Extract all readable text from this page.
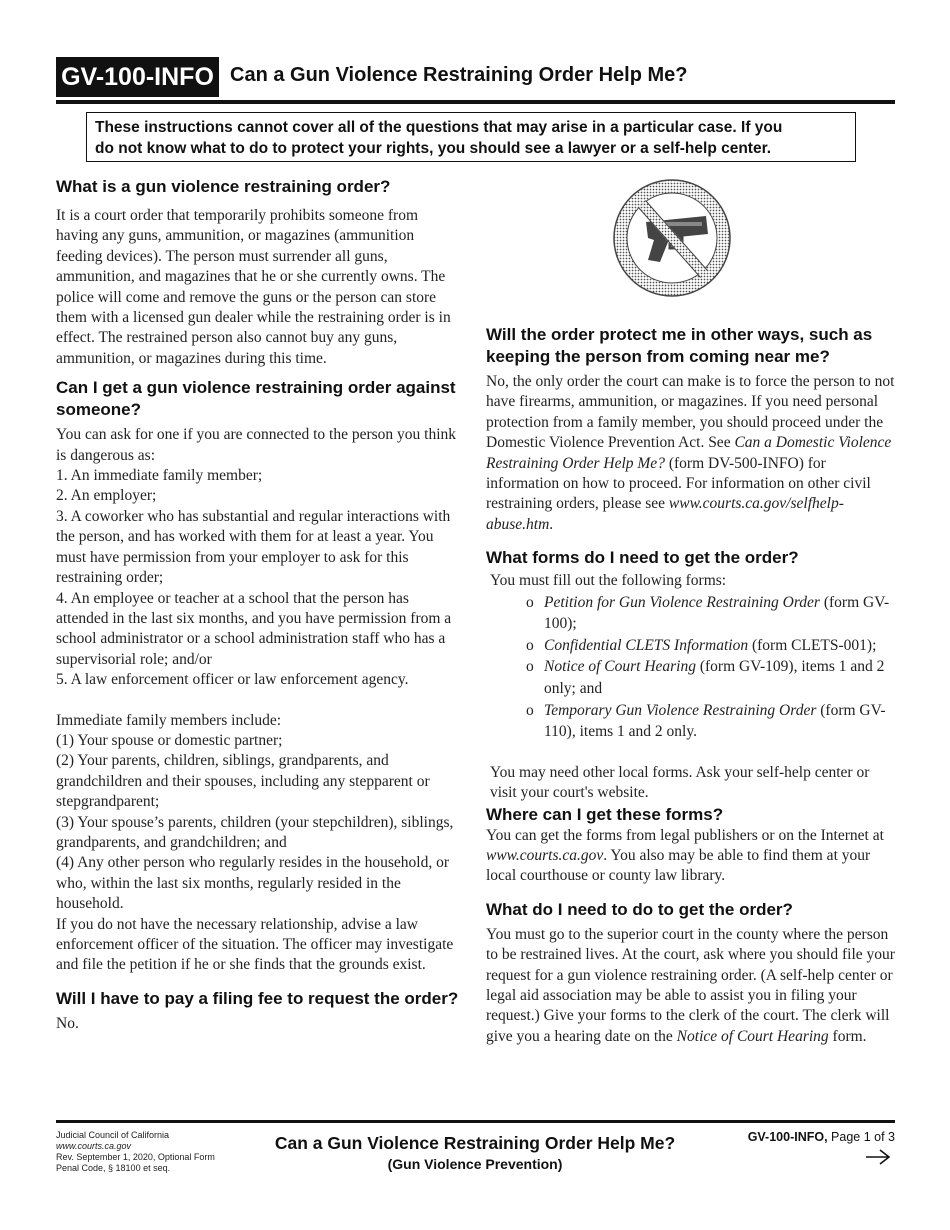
GV-100-INFO Can a Gun Violence Restraining Order Help Me?
These instructions cannot cover all of the questions that may arise in a particular case. If you
do not know what to do to protect your rights, you should see a lawyer or a self-help center.
What is a gun violence restraining order?

It is a court order that temporarily prohibits someone from having any guns, ammunition, or magazines (ammunition feeding devices). The person must surrender all guns, ammunition, and magazines that he or she currently owns. The police will come and remove the guns or the person can store them with a licensed gun dealer while the restraining order is in effect. The restrained person also cannot buy any guns, ammunition, or magazines during this time.

Can I get a gun violence restraining order against someone?

You can ask for one if you are connected to the person you think is dangerous as:

1. An immediate family member;

2. An employer;

3. A coworker who has substantial and regular interactions with the person, and has worked with them for at least a year. You must have permission from your employer to ask for this restraining order;

4. An employee or teacher at a school that the person has attended in the last six months, and you have permission from a school administrator or a school administration staff who has a supervisorial role; and/or

5. A law enforcement officer or law enforcement agency.

Immediate family members include:

(1) Your spouse or domestic partner;

(2) Your parents, children, siblings, grandparents, and grandchildren and their spouses, including any stepparent or stepgrandparent;

(3) Your spouse’s parents, children (your stepchildren), siblings, grandparents, and grandchildren; and

(4) Any other person who regularly resides in the household, or who, within the last six months, regularly resided in the household.

If you do not have the necessary relationship, advise a law enforcement officer of the situation. The officer may investigate and file the petition if he or she finds that the grounds exist.

Will I have to pay a filing fee to request the order?

No.

Will the order protect me in other ways, such as keeping the person from coming near me?

No, the only order the court can make is to force the person to not have firearms, ammunition, or magazines. If you need personal protection from a family member, you should proceed under the Domestic Violence Prevention Act. See Can a Domestic Violence Restraining Order Help Me? (form DV-500-INFO) for information on how to proceed. For information on other civil restraining orders, please see www.courts.ca.gov/selfhelp-abuse.htm.

What forms do I need to get the order?

You must fill out the following forms:

o Petition for Gun Violence Restraining Order (form GV-100);
o Confidential CLETS Information (form CLETS-001);
o Notice of Court Hearing (form GV-109), items 1 and 2 only; and
o Temporary Gun Violence Restraining Order (form GV-110), items 1 and 2 only.

You may need other local forms. Ask your self-help center or visit your court's website.

Where can I get these forms?

You can get the forms from legal publishers or on the Internet at www.courts.ca.gov. You also may be able to find them at your local courthouse or county law library.

What do I need to do to get the order?

You must go to the superior court in the county where the person to be restrained lives. At the court, ask where you should file your request for a gun violence restraining order. (A self-help center or legal aid association may be able to assist you in filing your request.) Give your forms to the clerk of the court. The clerk will give you a hearing date on the Notice of Court Hearing form.

Judicial Council of California
www.courts.ca.gov
Rev. September 1, 2020, Optional Form
Penal Code, § 18100 et seq.
Can a Gun Violence Restraining Order Help Me?
(Gun Violence Prevention)
GV-100-INFO, Page 1 of 3
